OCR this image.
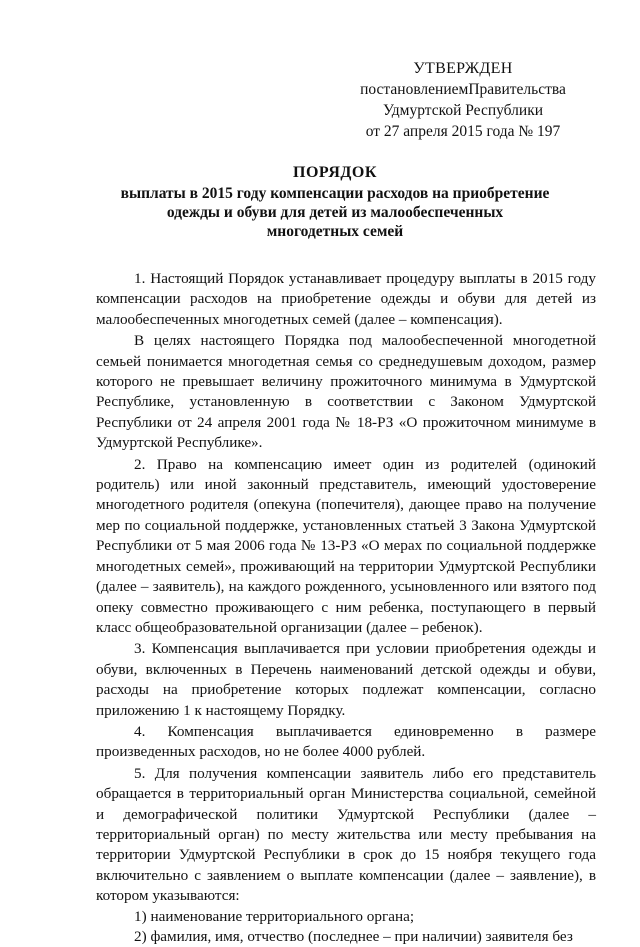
УТВЕРЖДЕН
постановлениемПравительства
Удмуртской Республики
от 27 апреля 2015 года № 197
ПОРЯДОК
выплаты в 2015 году компенсации расходов на приобретение
одежды и обуви для детей из малообеспеченных
многодетных семей

1. Настоящий Порядок устанавливает процедуру выплаты в 2015 году компенсации расходов на приобретение одежды и обуви для детей из малообеспеченных многодетных семей (далее – компенсация).

В целях настоящего Порядка под малообеспеченной многодетной семьей понимается многодетная семья со среднедушевым доходом, размер которого не превышает величину прожиточного минимума в Удмуртской Республике, установленную в соответствии с Законом Удмуртской Республики от 24 апреля 2001 года № 18-РЗ «О прожиточном минимуме в Удмуртской Республике».

2. Право на компенсацию имеет один из родителей (одинокий родитель) или иной законный представитель, имеющий удостоверение многодетного родителя (опекуна (попечителя), дающее право на получение мер по социальной поддержке, установленных статьей 3 Закона Удмуртской Республики от 5 мая 2006 года № 13-РЗ «О мерах по социальной поддержке многодетных семей», проживающий на территории Удмуртской Республики (далее – заявитель), на каждого рожденного, усыновленного или взятого под опеку совместно проживающего с ним ребенка, поступающего в первый класс общеобразовательной организации (далее – ребенок).

3. Компенсация выплачивается при условии приобретения одежды и обуви, включенных в Перечень наименований детской одежды и обуви, расходы на приобретение которых подлежат компенсации, согласно приложению 1 к настоящему Порядку.

4. Компенсация выплачивается единовременно в размере произведенных расходов, но не более 4000 рублей.

5. Для получения компенсации заявитель либо его представитель обращается в территориальный орган Министерства социальной, семейной и демографической политики Удмуртской Республики (далее – территориальный орган) по месту жительства или месту пребывания на территории Удмуртской Республики в срок до 15 ноября текущего года включительно с заявлением о выплате компенсации (далее – заявление), в котором указываются:

1) наименование территориального органа;

2) фамилия, имя, отчество (последнее – при наличии) заявителя без
